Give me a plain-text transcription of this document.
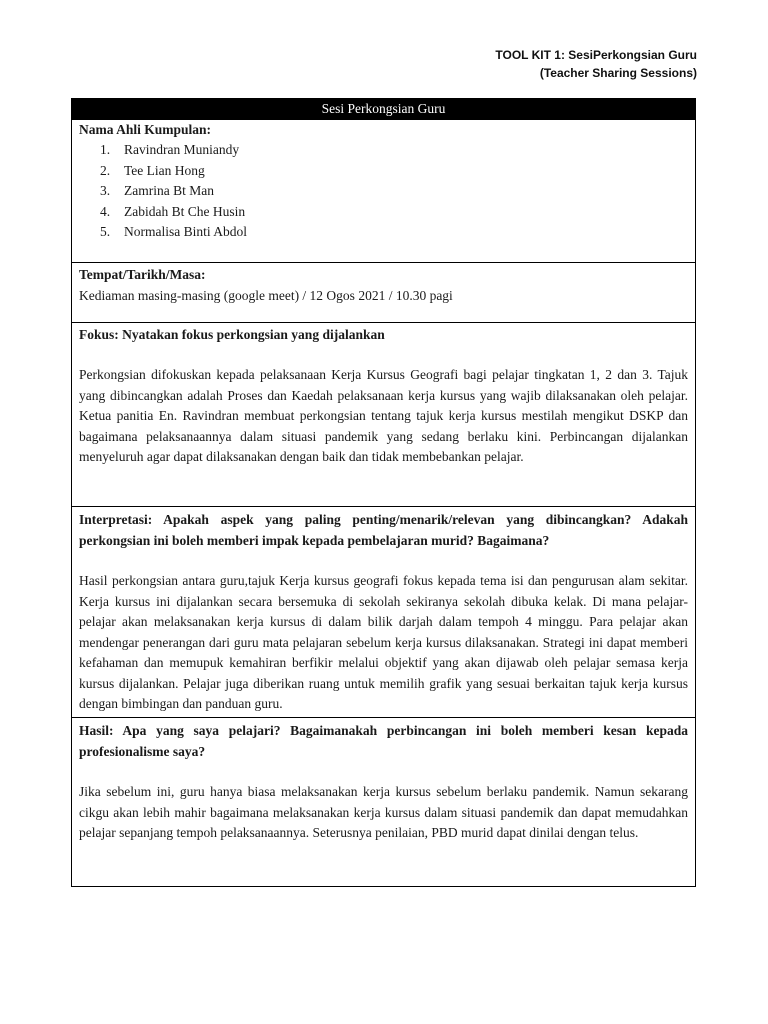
TOOL KIT 1: SesiPerkongsian Guru
(Teacher Sharing Sessions)
Sesi Perkongsian Guru
Nama Ahli Kumpulan:
1. Ravindran Muniandy
2. Tee Lian Hong
3. Zamrina Bt Man
4. Zabidah Bt Che Husin
5. Normalisa Binti Abdol
Tempat/Tarikh/Masa:
Kediaman masing-masing (google meet) / 12 Ogos 2021 / 10.30 pagi
Fokus: Nyatakan fokus perkongsian yang dijalankan
Perkongsian difokuskan kepada pelaksanaan Kerja Kursus Geografi bagi pelajar tingkatan 1, 2 dan 3. Tajuk yang dibincangkan adalah Proses dan Kaedah pelaksanaan kerja kursus yang wajib dilaksanakan oleh pelajar. Ketua panitia En. Ravindran membuat perkongsian tentang tajuk kerja kursus mestilah mengikut DSKP dan bagaimana pelaksanaannya dalam situasi pandemik yang sedang berlaku kini. Perbincangan dijalankan menyeluruh agar dapat dilaksanakan dengan baik dan tidak membebankan pelajar.
Interpretasi: Apakah aspek yang paling penting/menarik/relevan yang dibincangkan? Adakah perkongsian ini boleh memberi impak kepada pembelajaran murid? Bagaimana?
Hasil perkongsian antara guru,tajuk Kerja kursus geografi fokus kepada tema isi dan pengurusan alam sekitar. Kerja kursus ini dijalankan secara bersemuka di sekolah sekiranya sekolah dibuka kelak. Di mana pelajar-pelajar akan melaksanakan kerja kursus di dalam bilik darjah dalam tempoh 4 minggu. Para pelajar akan mendengar penerangan dari guru mata pelajaran sebelum kerja kursus dilaksanakan. Strategi ini dapat memberi kefahaman dan memupuk kemahiran berfikir melalui objektif yang akan dijawab oleh pelajar semasa kerja kursus dijalankan. Pelajar juga diberikan ruang untuk memilih grafik yang sesuai berkaitan tajuk kerja kursus dengan bimbingan dan panduan guru.
Hasil: Apa yang saya pelajari? Bagaimanakah perbincangan ini boleh memberi kesan kepada profesionalisme saya?
Jika sebelum ini, guru hanya biasa melaksanakan kerja kursus sebelum berlaku pandemik. Namun sekarang cikgu akan lebih mahir bagaimana melaksanakan kerja kursus dalam situasi pandemik dan dapat memudahkan pelajar sepanjang tempoh pelaksanaannya. Seterusnya penilaian, PBD murid dapat dinilai dengan telus.
